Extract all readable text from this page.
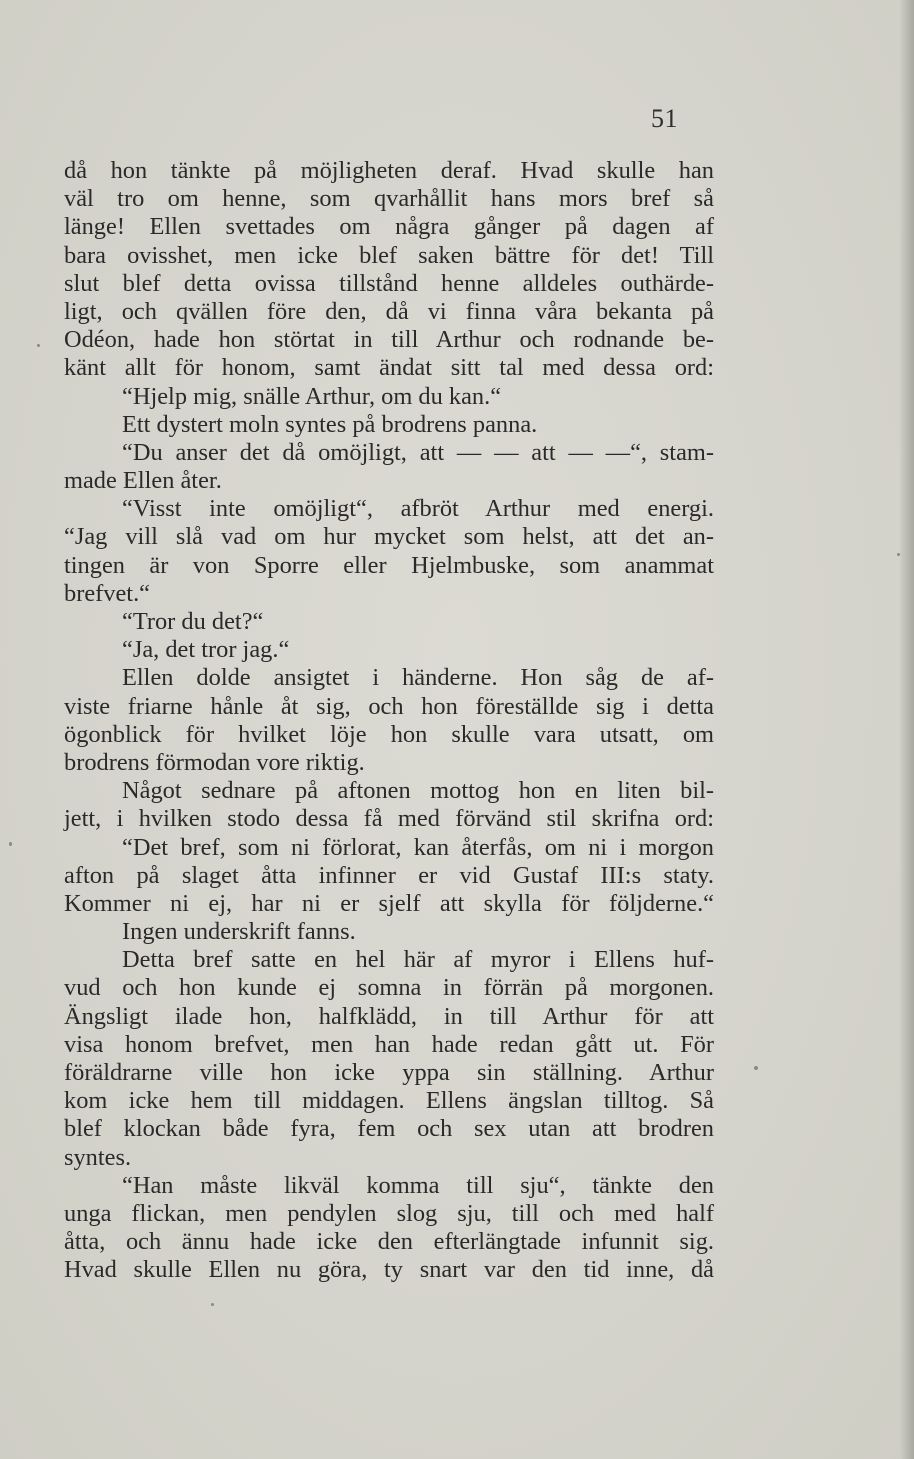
51
då hon tänkte på möjligheten deraf. Hvad skulle han
väl tro om henne, som qvarhållit hans mors bref så
länge! Ellen svettades om några gånger på dagen af
bara ovisshet, men icke blef saken bättre för det! Till
slut blef detta ovissa tillstånd henne alldeles outhärde-
ligt, och qvällen före den, då vi finna våra bekanta på
Odéon, hade hon störtat in till Arthur och rodnande be-
känt allt för honom, samt ändat sitt tal med dessa ord:
“Hjelp mig, snälle Arthur, om du kan.“
Ett dystert moln syntes på brodrens panna.
“Du anser det då omöjligt, att — — att — —“, stam-
made Ellen åter.
“Visst inte omöjligt“, afbröt Arthur med energi.
“Jag vill slå vad om hur mycket som helst, att det an-
tingen är von Sporre eller Hjelmbuske, som anammat
brefvet.“
“Tror du det?“
“Ja, det tror jag.“
Ellen dolde ansigtet i händerne. Hon såg de af-
viste friarne hånle åt sig, och hon föreställde sig i detta
ögonblick för hvilket löje hon skulle vara utsatt, om
brodrens förmodan vore riktig.
Något sednare på aftonen mottog hon en liten bil-
jett, i hvilken stodo dessa få med förvänd stil skrifna ord:
“Det bref, som ni förlorat, kan återfås, om ni i morgon
afton på slaget åtta infinner er vid Gustaf III:s staty.
Kommer ni ej, har ni er sjelf att skylla för följderne.“
Ingen underskrift fanns.
Detta bref satte en hel här af myror i Ellens huf-
vud och hon kunde ej somna in förrän på morgonen.
Ängsligt ilade hon, halfklädd, in till Arthur för att
visa honom brefvet, men han hade redan gått ut. För
föräldrarne ville hon icke yppa sin ställning. Arthur
kom icke hem till middagen. Ellens ängslan tilltog. Så
blef klockan både fyra, fem och sex utan att brodren
syntes.
“Han måste likväl komma till sju“, tänkte den
unga flickan, men pendylen slog sju, till och med half
åtta, och ännu hade icke den efterlängtade infunnit sig.
Hvad skulle Ellen nu göra, ty snart var den tid inne, då
